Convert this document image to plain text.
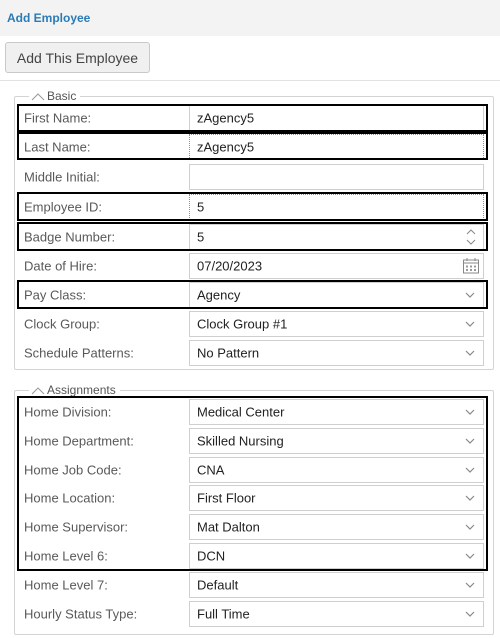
Add Employee
Add This Employee
Basic
First Name:	zAgency5
Last Name:	zAgency5
Middle Initial:
Employee ID:	5
Badge Number:	5
Date of Hire:	07/20/2023
Pay Class:	Agency
Clock Group:	Clock Group #1
Schedule Patterns:	No Pattern
Assignments
Home Division:	Medical Center
Home Department:	Skilled Nursing
Home Job Code:	CNA
Home Location:	First Floor
Home Supervisor:	Mat Dalton
Home Level 6:	DCN
Home Level 7:	Default
Hourly Status Type:	Full Time
